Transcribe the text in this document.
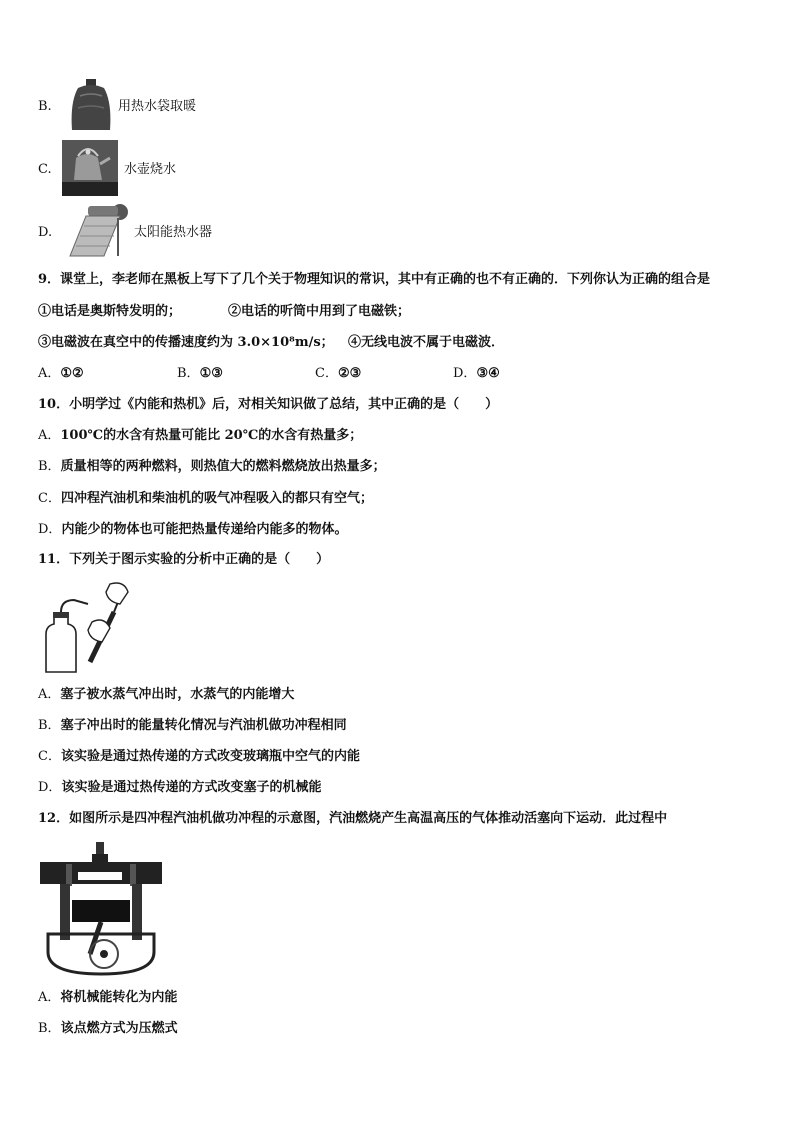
B.	用热水袋取暖
C.	水壶烧水
D.	太阳能热水器
9．课堂上，李老师在黑板上写下了几个关于物理知识的常识，其中有正确的也不有正确的．下列你认为正确的组合是
①电话是奥斯特发明的；	②电话的听筒中用到了电磁铁；
③电磁波在真空中的传播速度约为 3.0×10⁸m/s； ④无线电波不属于电磁波．
A．①②	B．①③	C．②③	D．③④
10．小明学过《内能和热机》后，对相关知识做了总结，其中正确的是（　　）
A．100℃的水含有热量可能比 20℃的水含有热量多；
B．质量相等的两种燃料，则热值大的燃料燃烧放出热量多；
C．四冲程汽油机和柴油机的吸气冲程吸入的都只有空气；
D．内能少的物体也可能把热量传递给内能多的物体。
11．下列关于图示实验的分析中正确的是（　　）
A．塞子被水蒸气冲出时，水蒸气的内能增大
B．塞子冲出时的能量转化情况与汽油机做功冲程相同
C．该实验是通过热传递的方式改变玻璃瓶中空气的内能
D．该实验是通过热传递的方式改变塞子的机械能
12．如图所示是四冲程汽油机做功冲程的示意图，汽油燃烧产生高温高压的气体推动活塞向下运动．此过程中
A．将机械能转化为内能
B．该点燃方式为压燃式
